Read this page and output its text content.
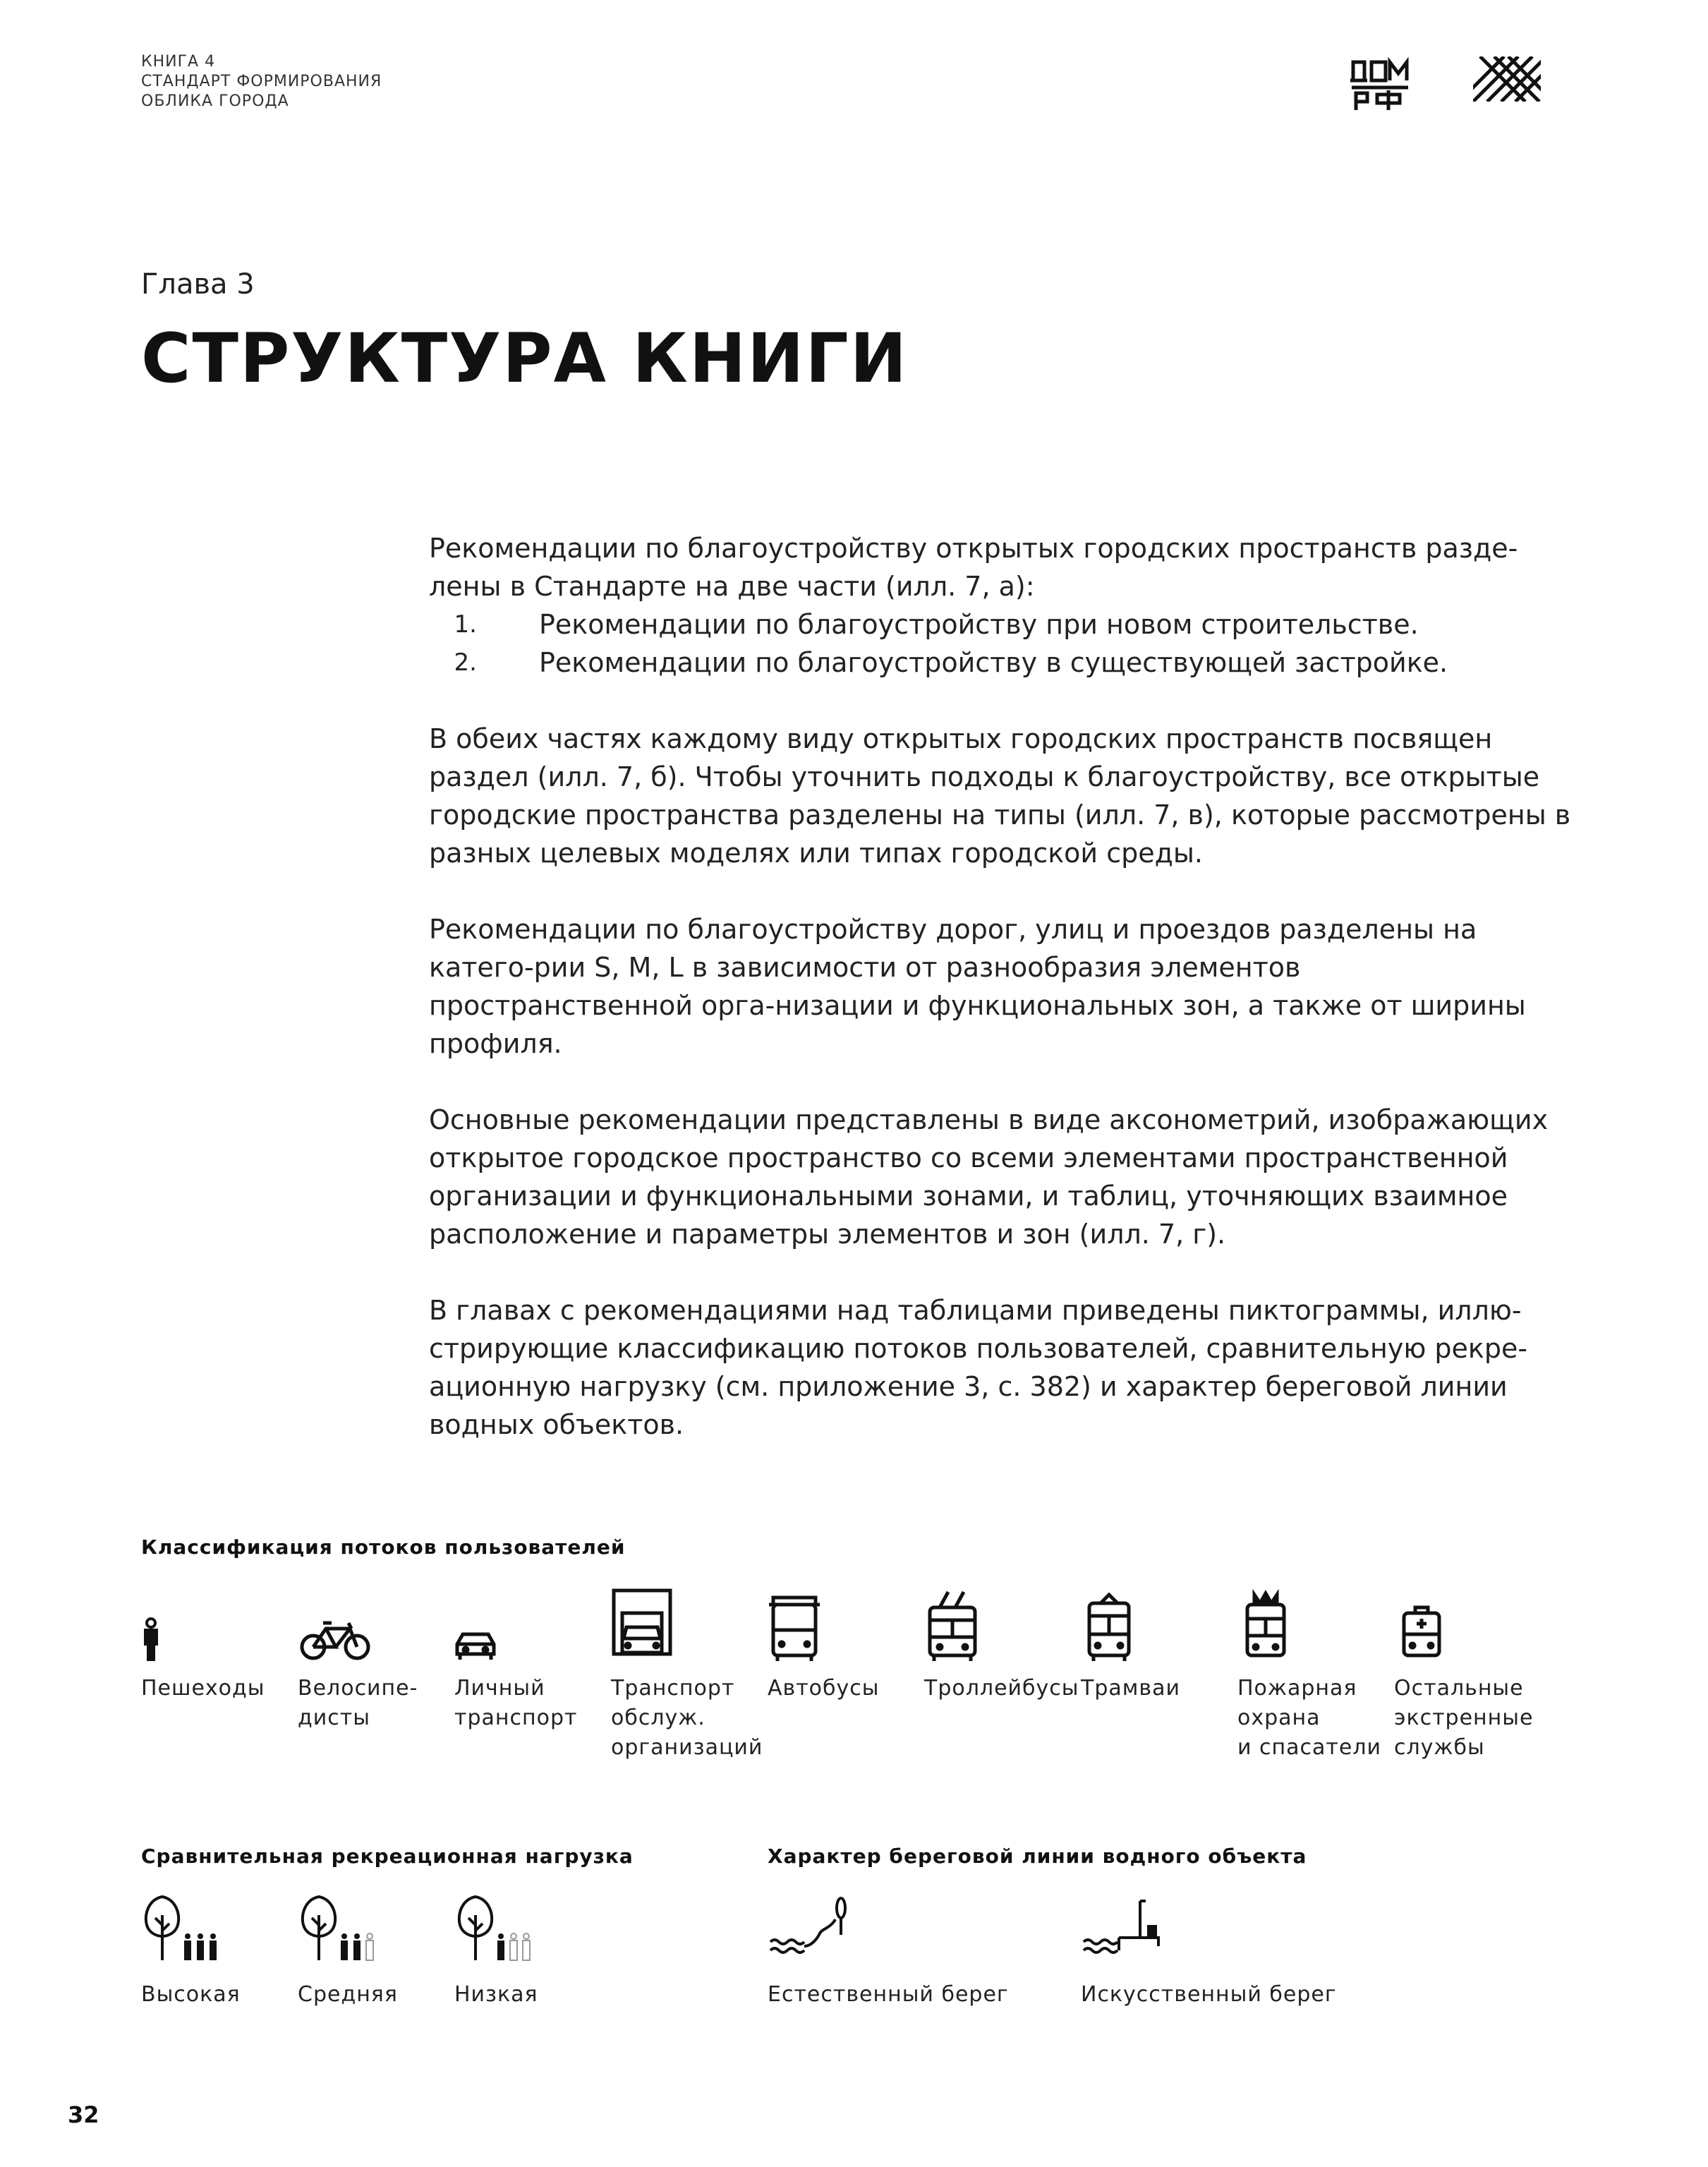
КНИГА 4
СТАНДАРТ ФОРМИРОВАНИЯ
ОБЛИКА ГОРОДА
Глава 3
СТРУКТУРА КНИГИ

Рекомендации по благоустройству открытых городских пространств разде-лены в Стандарте на две части (илл. 7, а):

1.	Рекомендации по благоустройству при новом строительстве.
2.	Рекомендации по благоустройству в существующей застройке.

В обеих частях каждому виду открытых городских пространств посвящен раздел (илл. 7, б). Чтобы уточнить подходы к благоустройству, все открытые городские пространства разделены на типы (илл. 7, в), которые рассмотрены в разных целевых моделях или типах городской среды.

Рекомендации по благоустройству дорог, улиц и проездов разделены на катего-рии S, M, L в зависимости от разнообразия элементов пространственной орга-низации и функциональных зон, а также от ширины профиля.

Основные рекомендации представлены в виде аксонометрий, изображающих открытое городское пространство со всеми элементами пространственной организации и функциональными зонами, и таблиц, уточняющих взаимное расположение и параметры элементов и зон (илл. 7, г).

В главах с рекомендациями над таблицами приведены пиктограммы, иллю-стрирующие классификацию потоков пользователей, сравнительную рекре-ационную нагрузку (см. приложение 3, с. 382) и характер береговой линии водных объектов.

Классификация потоков пользователей
Пешеходы Велосипе-
дисты
Личный
транспорт
Транспорт
обслуж.
организаций
Автобусы Троллейбусы Трамваи	Пожарная
охрана
и спасатели
Остальные
экстренные
службы
Сравнительная рекреационная нагрузка
Высокая	Средняя	Низкая
Характер береговой линии водного объекта
Естественный берег	Искусственный берег
32
